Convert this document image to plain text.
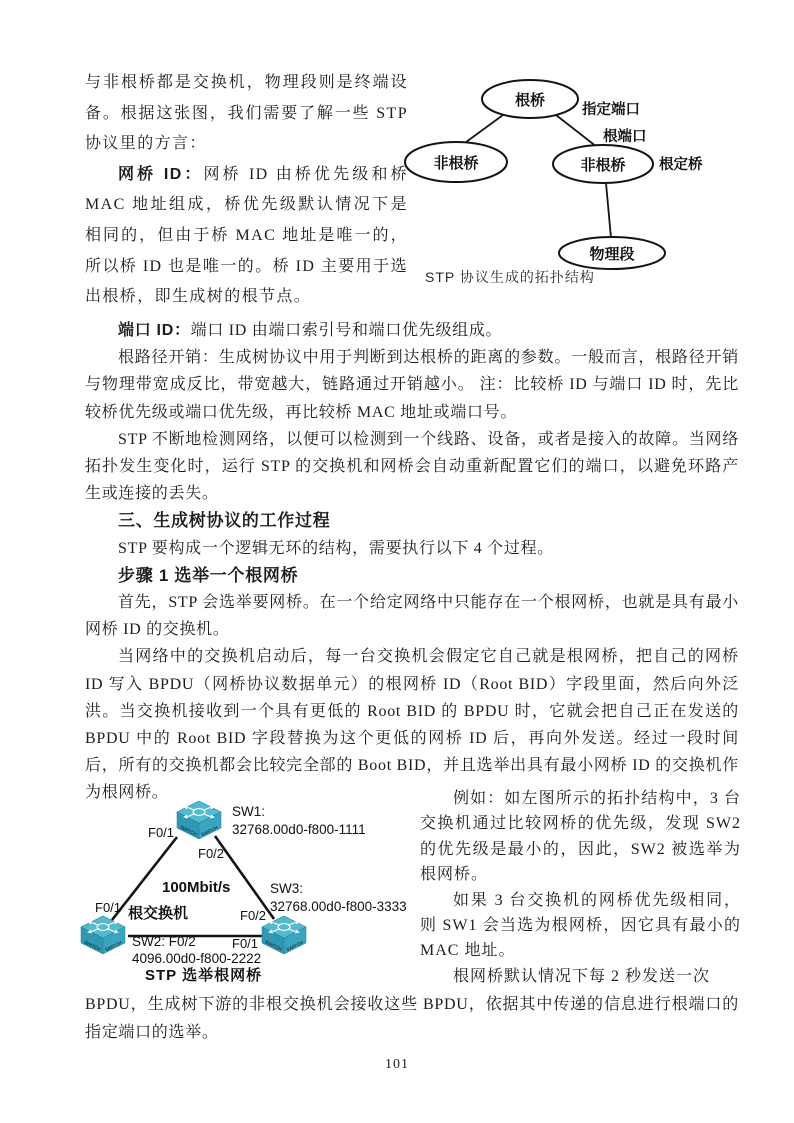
与非根桥都是交换机，物理段则是终端设备。根据这张图，我们需要了解一些 STP 协议里的方言：

网桥 ID：网桥 ID 由桥优先级和桥 MAC 地址组成，桥优先级默认情况下是相同的，但由于桥 MAC 地址是唯一的，所以桥 ID 也是唯一的。桥 ID 主要用于选出根桥，即生成树的根节点。

根桥
非根桥	非根桥
物理段
指定端口
根端口
根定桥
STP 协议生成的拓扑结构

端口 ID：端口 ID 由端口索引号和端口优先级组成。

根路径开销：生成树协议中用于判断到达根桥的距离的参数。一般而言，根路径开销与物理带宽成反比，带宽越大，链路通过开销越小。 注：比较桥 ID 与端口 ID 时，先比较桥优先级或端口优先级，再比较桥 MAC 地址或端口号。

STP 不断地检测网络，以便可以检测到一个线路、设备，或者是接入的故障。当网络拓扑发生变化时，运行 STP 的交换机和网桥会自动重新配置它们的端口，以避免环路产生或连接的丢失。

三、生成树协议的工作过程

STP 要构成一个逻辑无环的结构，需要执行以下 4 个过程。

步骤 1 选举一个根网桥

首先，STP 会选举要网桥。在一个给定网络中只能存在一个根网桥，也就是具有最小网桥 ID 的交换机。

当网络中的交换机启动后，每一台交换机会假定它自己就是根网桥，把自己的网桥 ID 写入 BPDU（网桥协议数据单元）的根网桥 ID（Root BID）字段里面，然后向外泛洪。当交换机接收到一个具有更低的 Root BID 的 BPDU 时，它就会把自己正在发送的 BPDU 中的 Root BID 字段替换为这个更低的网桥 ID 后，再向外发送。经过一段时间后，所有的交换机都会比较完全部的 Boot BID，并且选举出具有最小网桥 ID 的交换机作为根网桥。

SWITCH SWITCH
SW1:
32768.00d0-f800-1111
F0/1
F0/2
100Mbit/s	SW3:
32768.00d0-f800-3333
F0/1 根交换机	F0/2
SW2: F0/2	F0/1
4096.00d0-f800-2222
STP 选举根网桥

例如：如左图所示的拓扑结构中，3 台交换机通过比较网桥的优先级，发现 SW2 的优先级是最小的，因此，SW2 被选举为根网桥。

如果 3 台交换机的网桥优先级相同，则 SW1 会当选为根网桥，因它具有最小的 MAC 地址。

根网桥默认情况下每 2 秒发送一次

BPDU，生成树下游的非根交换机会接收这些 BPDU，依据其中传递的信息进行根端口的指定端口的选举。

101
